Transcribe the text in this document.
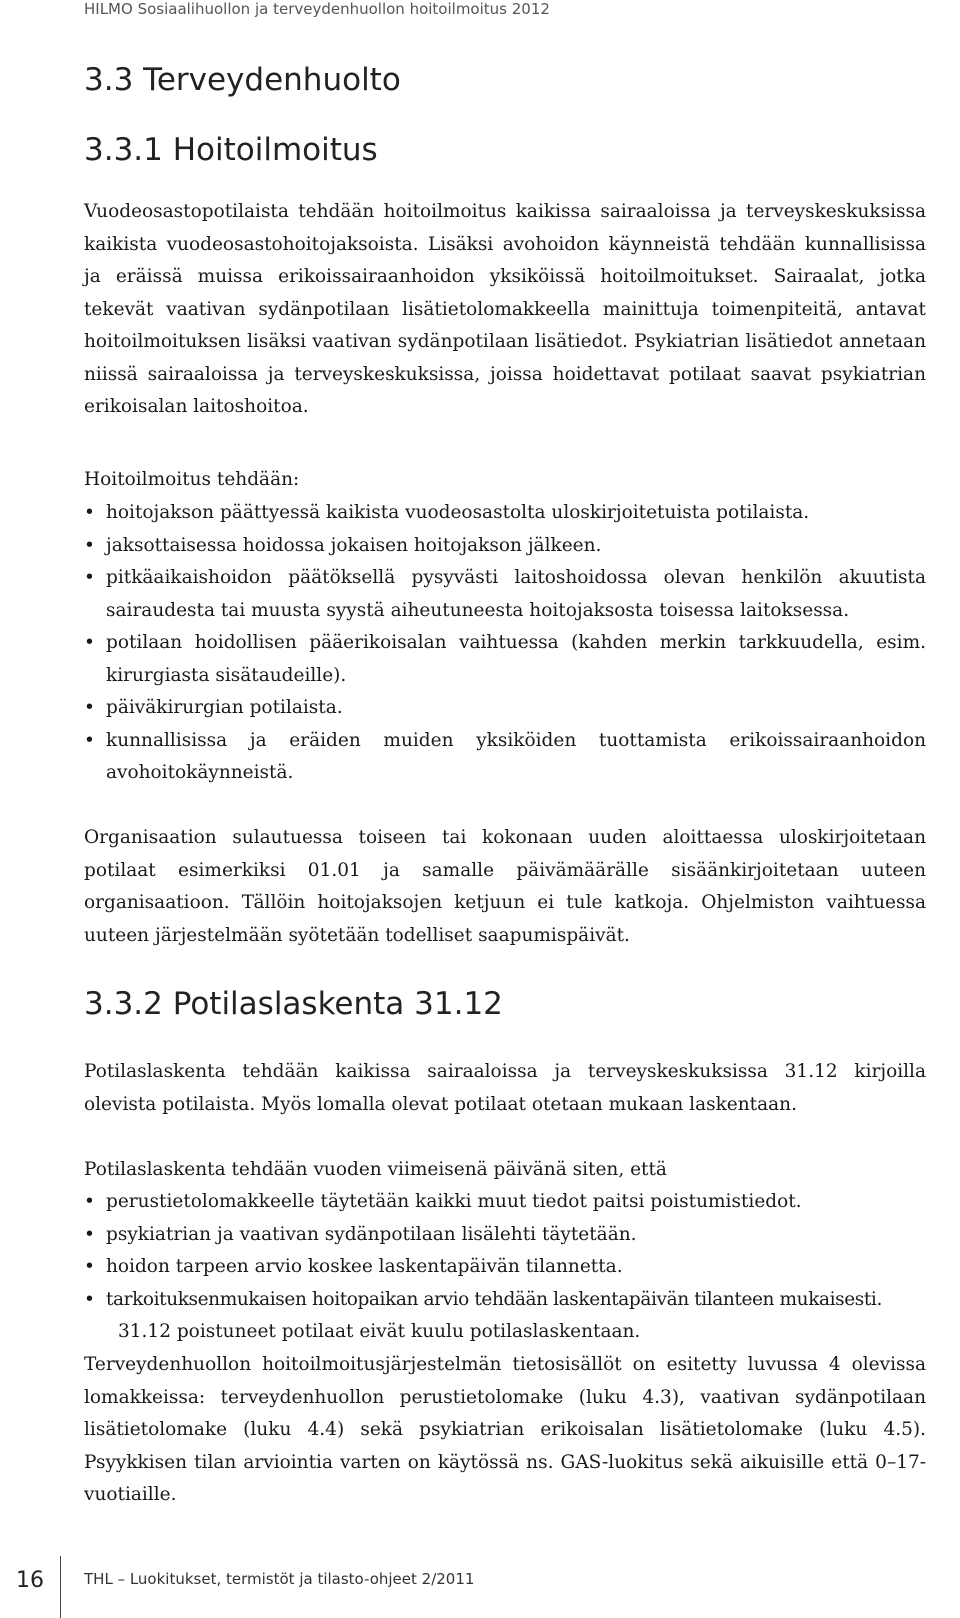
HILMO Sosiaalihuollon ja terveydenhuollon hoitoilmoitus 2012
3.3 Terveydenhuolto
3.3.1 Hoitoilmoitus

Vuodeosastopotilaista tehdään hoitoilmoitus kaikissa sairaaloissa ja terveyskeskuksissa kaikista vuodeosastohoitojaksoista. Lisäksi avohoidon käynneistä tehdään kunnallisissa ja eräissä muissa erikoissairaanhoidon yksiköissä hoitoilmoitukset. Sairaalat, jotka tekevät vaativan sydänpotilaan lisätietolomakkeella mainittuja toimenpiteitä, antavat hoitoilmoituksen lisäksi vaativan sydänpotilaan lisätiedot. Psykiatrian lisätiedot annetaan niissä sairaaloissa ja terveyskeskuksissa, joissa hoidettavat potilaat saavat psykiatrian erikoisalan laitoshoitoa.

Hoitoilmoitus tehdään:

• hoitojakson päättyessä kaikista vuodeosastolta uloskirjoitetuista potilaista.
• jaksottaisessa hoidossa jokaisen hoitojakson jälkeen.
• pitkäaikaishoidon päätöksellä pysyvästi laitoshoidossa olevan henkilön akuutista sairaudesta tai muusta syystä aiheutuneesta hoitojaksosta toisessa laitoksessa.
• potilaan hoidollisen pääerikoisalan vaihtuessa (kahden merkin tarkkuudella, esim. kirurgiasta sisätaudeille).
• päiväkirurgian potilaista.
• kunnallisissa ja eräiden muiden yksiköiden tuottamista erikoissairaanhoidon avohoitokäynneistä.

Organisaation sulautuessa toiseen tai kokonaan uuden aloittaessa uloskirjoitetaan potilaat esimerkiksi 01.01 ja samalle päivämäärälle sisäänkirjoitetaan uuteen organisaatioon. Tällöin hoitojaksojen ketjuun ei tule katkoja. Ohjelmiston vaihtuessa uuteen järjestelmään syötetään todelliset saapumispäivät.

3.3.2 Potilaslaskenta 31.12

Potilaslaskenta tehdään kaikissa sairaaloissa ja terveyskeskuksissa 31.12 kirjoilla olevista potilaista. Myös lomalla olevat potilaat otetaan mukaan laskentaan.

Potilaslaskenta tehdään vuoden viimeisenä päivänä siten, että

• perustietolomakkeelle täytetään kaikki muut tiedot paitsi poistumistiedot.
• psykiatrian ja vaativan sydänpotilaan lisälehti täytetään.
• hoidon tarpeen arvio koskee laskentapäivän tilannetta.
• tarkoituksenmukaisen hoitopaikan arvio tehdään laskentapäivän tilanteen mukaisesti.

31.12 poistuneet potilaat eivät kuulu potilaslaskentaan.

Terveydenhuollon hoitoilmoitusjärjestelmän tietosisällöt on esitetty luvussa 4 olevissa lomakkeissa: terveydenhuollon perustietolomake (luku 4.3), vaativan sydänpotilaan lisätietolomake (luku 4.4) sekä psykiatrian erikoisalan lisätietolomake (luku 4.5). Psyykkisen tilan arviointia varten on käytössä ns. GAS-luokitus sekä aikuisille että 0–17-vuotiaille.

16	THL – Luokitukset, termistöt ja tilasto-ohjeet 2/2011
